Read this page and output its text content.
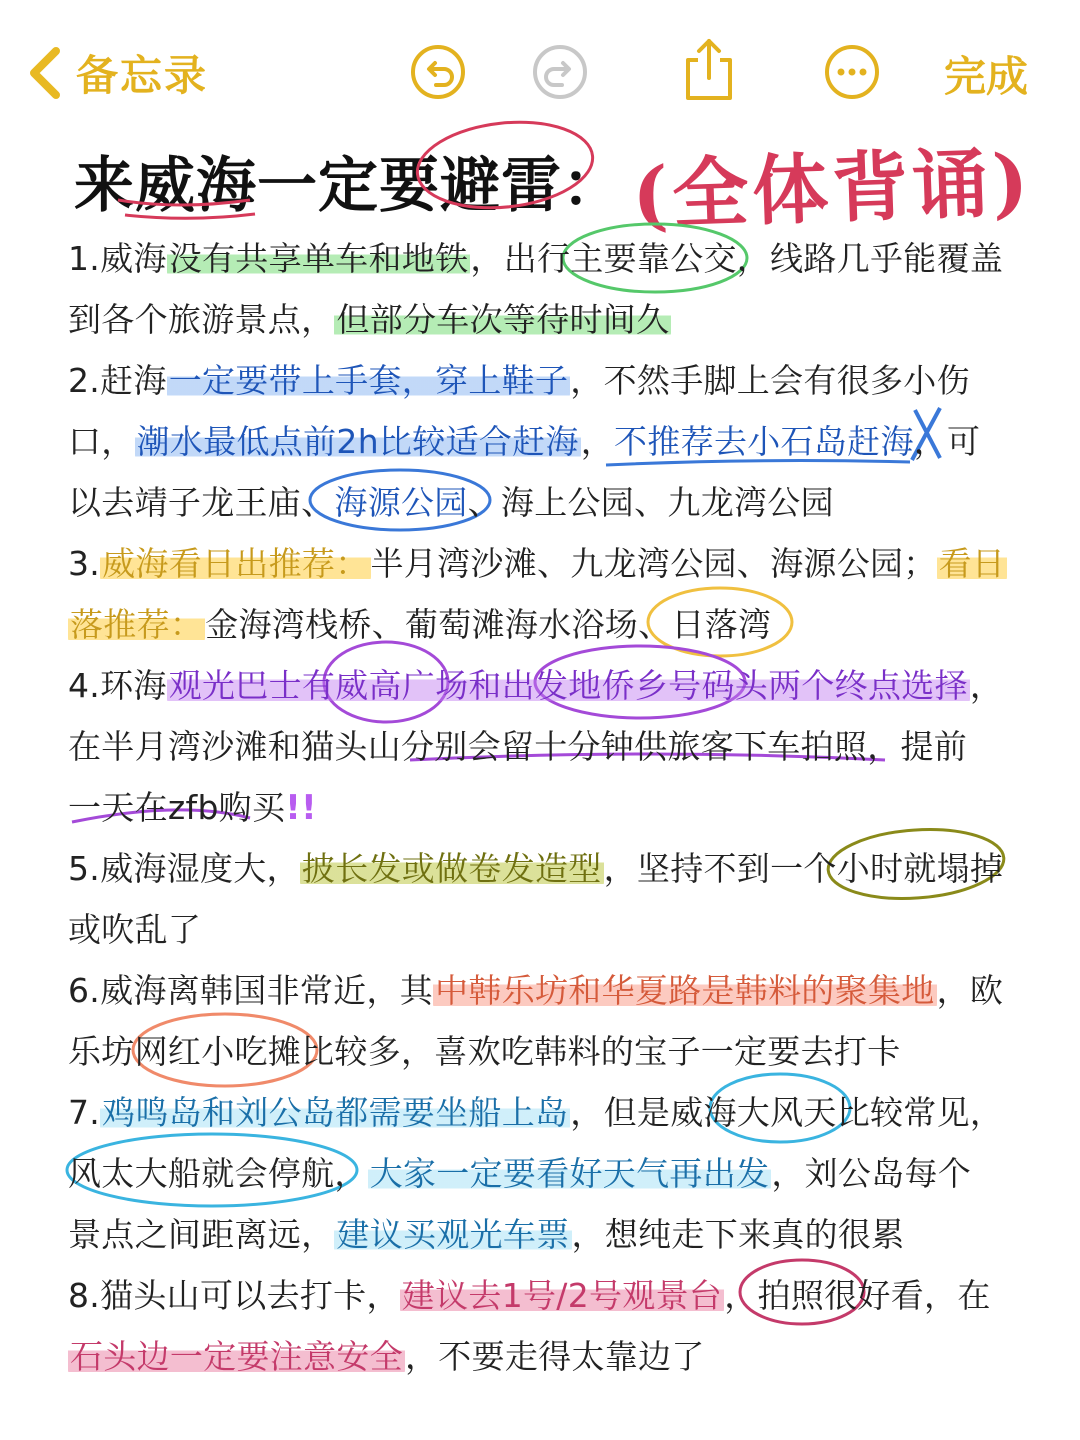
备忘录	完成
来威海一定要避雷： (全体背诵)
1.威海没有共享单车和地铁，出行主要靠公交，线路几乎能覆盖
到各个旅游景点，但部分车次等待时间久
2.赶海一定要带上手套，穿上鞋子，不然手脚上会有很多小伤
口，潮水最低点前2h比较适合赶海，不推荐去小石岛赶海，可
以去靖子龙王庙、海源公园、海上公园、九龙湾公园
3.威海看日出推荐：半月湾沙滩、九龙湾公园、海源公园；看日
落推荐：金海湾栈桥、葡萄滩海水浴场、日落湾
4.环海观光巴士有威高广场和出发地侨乡号码头两个终点选择，
在半月湾沙滩和猫头山分别会留十分钟供旅客下车拍照，提前
一天在zfb购买!!
5.威海湿度大，披长发或做卷发造型，坚持不到一个小时就塌掉
或吹乱了
6.威海离韩国非常近，其中韩乐坊和华夏路是韩料的聚集地，欧
乐坊网红小吃摊比较多，喜欢吃韩料的宝子一定要去打卡
7.鸡鸣岛和刘公岛都需要坐船上岛，但是威海大风天比较常见，
风太大船就会停航，大家一定要看好天气再出发，刘公岛每个
景点之间距离远，建议买观光车票，想纯走下来真的很累
8.猫头山可以去打卡，建议去1号/2号观景台，拍照很好看，在
石头边一定要注意安全，不要走得太靠边了
